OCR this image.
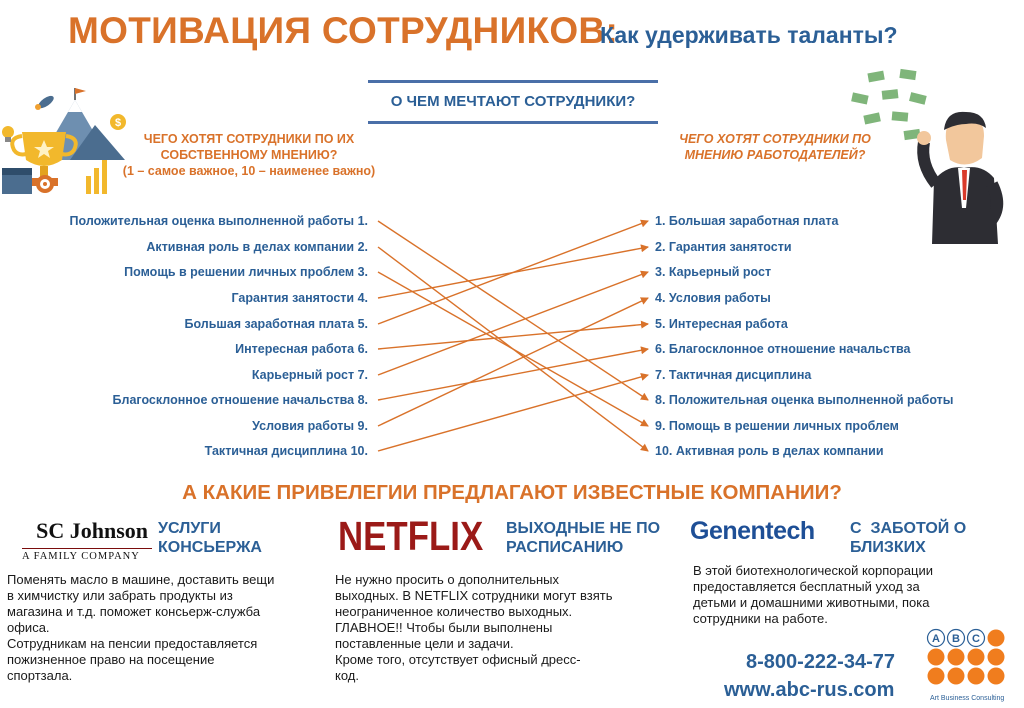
МОТИВАЦИЯ СОТРУДНИКОВ:
Как удерживать таланты?
$
О ЧЕМ МЕЧТАЮТ СОТРУДНИКИ?
ЧЕГО ХОТЯТ СОТРУДНИКИ ПО ИХ СОБСТВЕННОМУ МНЕНИЮ?
(1 – самое важное, 10 – наименее важно)
ЧЕГО ХОТЯТ СОТРУДНИКИ ПО МНЕНИЮ РАБОТОДАТЕЛЕЙ?
Положительная оценка выполненной работы 1.
Активная роль в делах компании 2.
Помощь в решении личных проблем 3.
Гарантия занятости 4.
Большая заработная плата 5.
Интересная работа 6.
Карьерный рост 7.
Благосклонное отношение начальства 8.
Условия работы 9.
Тактичная дисциплина 10.
1. Большая заработная плата
2. Гарантия занятости
3. Карьерный рост
4. Условия работы
5. Интересная работа
6. Благосклонное отношение начальства
7. Тактичная дисциплина
8. Положительная оценка выполненной работы
9. Помощь в решении личных проблем
10. Активная роль в делах компании
А КАКИЕ ПРИВЕЛЕГИИ ПРЕДЛАГАЮТ ИЗВЕСТНЫЕ КОМПАНИИ?
SC Johnson
A FAMILY COMPANY
УСЛУГИ
КОНСЬЕРЖА
Поменять масло в машине, доставить вещи
в химчистку или забрать продукты из
магазина и т.д. поможет консьерж-служба
офиса.
Сотрудникам на пенсии предоставляется
пожизненное право на посещение
спортзала.
NETFLIX ВЫХОДНЫЕ НЕ ПО
РАСПИСАНИЮ
Не нужно просить о дополнительных
выходных. В NETFLIX сотрудники могут взять
неограниченное количество выходных.
ГЛАВНОЕ!! Чтобы были выполнены
поставленные цели и задачи.
Кроме того, отсутствует офисный дресс-
код.
Genentech С  ЗАБОТОЙ О
БЛИЗКИХ
В этой биотехнологической корпорации
предоставляется бесплатный уход за
детьми и домашними животными, пока
сотрудники на работе.
8-800-222-34-77
www.abc-rus.com
A B C
Art Business Consulting
